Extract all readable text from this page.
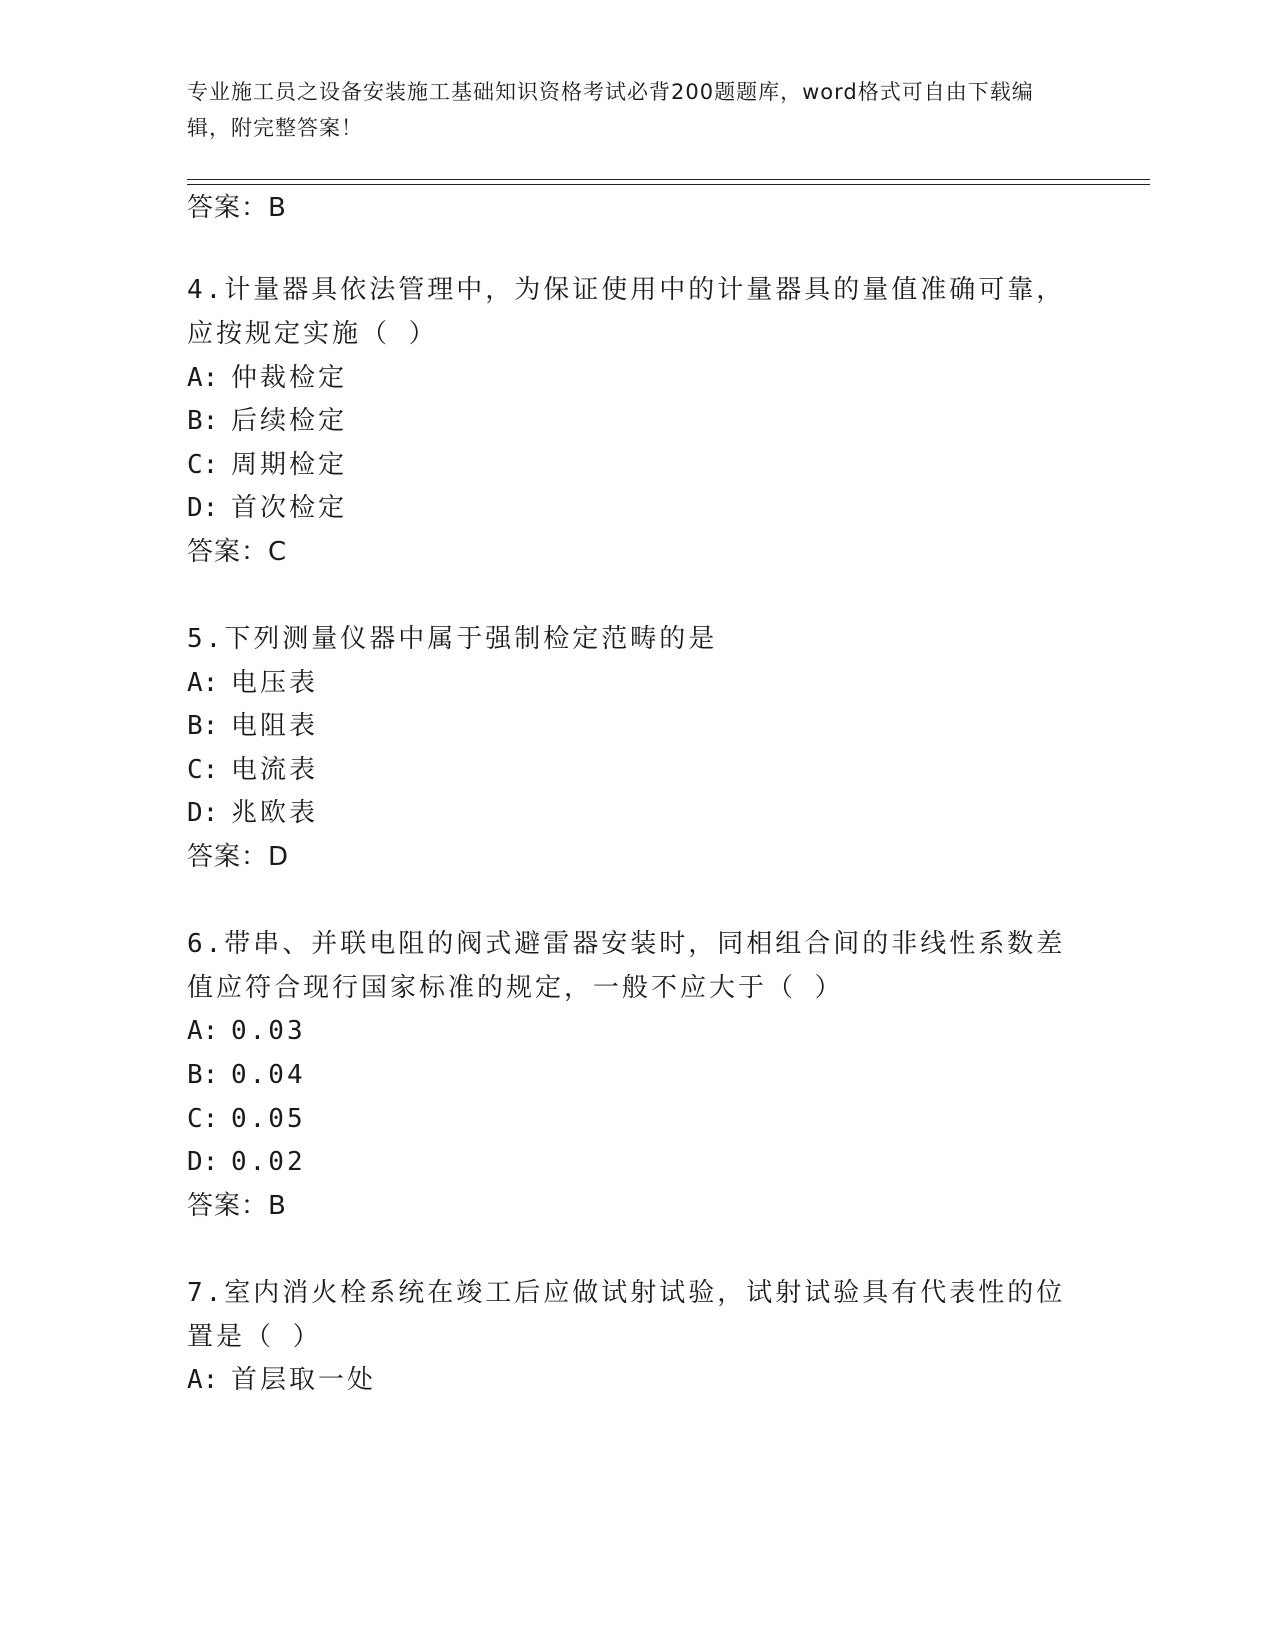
专业施工员之设备安装施工基础知识资格考试必背200题题库，word格式可自由下载编辑，附完整答案！
答案：B
4.计量器具依法管理中，为保证使用中的计量器具的量值准确可靠，
应按规定实施（ ）
A: 仲裁检定
B: 后续检定
C: 周期检定
D: 首次检定
答案：C
5.下列测量仪器中属于强制检定范畴的是
A: 电压表
B: 电阻表
C: 电流表
D: 兆欧表
答案：D
6.带串、并联电阻的阀式避雷器安装时，同相组合间的非线性系数差
值应符合现行国家标准的规定，一般不应大于（ ）
A: 0.03
B: 0.04
C: 0.05
D: 0.02
答案：B
7.室内消火栓系统在竣工后应做试射试验，试射试验具有代表性的位
置是（ ）
A: 首层取一处
